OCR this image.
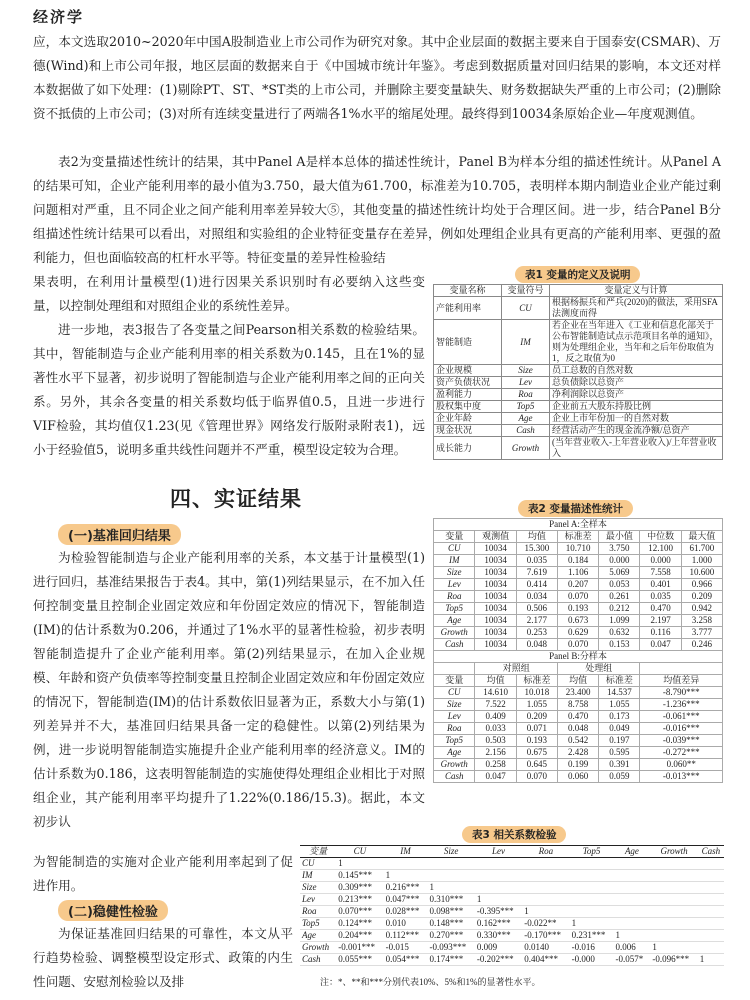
经济学

应，本文选取2010~2020年中国A股制造业上市公司作为研究对象。其中企业层面的数据主要来自于国泰安(CSMAR)、万德(Wind)和上市公司年报，地区层面的数据来自于《中国城市统计年鉴》。考虑到数据质量对回归结果的影响，本文还对样本数据做了如下处理：(1)剔除PT、ST、*ST类的上市公司，并删除主要变量缺失、财务数据缺失严重的上市公司；(2)删除资不抵债的上市公司；(3)对所有连续变量进行了两端各1%水平的缩尾处理。最终得到10034条原始企业—年度观测值。

表2为变量描述性统计的结果，其中Panel A是样本总体的描述性统计，Panel B为样本分组的描述性统计。从Panel A的结果可知，企业产能利用率的最小值为3.750，最大值为61.700，标准差为10.705，表明样本期内制造业企业产能过剩问题相对严重，且不同企业之间产能利用率差异较大⑤，其他变量的描述性统计均处于合理区间。进一步，结合Panel B分组描述性统计结果可以看出，对照组和实验组的企业特征变量存在差异，例如处理组企业具有更高的产能利用率、更强的盈利能力，但也面临较高的杠杆水平等。特征变量的差异性检验结

果表明，在利用计量模型(1)进行因果关系识别时有必要纳入这些变量，以控制处理组和对照组企业的系统性差异。

进一步地，表3报告了各变量之间Pearson相关系数的检验结果。其中，智能制造与企业产能利用率的相关系数为0.145，且在1%的显著性水平下显著，初步说明了智能制造与企业产能利用率之间的正向关系。另外，其余各变量的相关系数均低于临界值0.5，且进一步进行VIF检验，其均值仅1.23(见《管理世界》网络发行版附录附表1)，远小于经验值5，说明多重共线性问题并不严重，模型设定较为合理。

四、实证结果
(一)基准回归结果

为检验智能制造与企业产能利用率的关系，本文基于计量模型(1)进行回归，基准结果报告于表4。其中，第(1)列结果显示，在不加入任何控制变量且控制企业固定效应和年份固定效应的情况下，智能制造(IM)的估计系数为0.206，并通过了1%水平的显著性检验，初步表明智能制造提升了企业产能利用率。第(2)列结果显示，在加入企业规模、年龄和资产负债率等控制变量且控制企业固定效应和年份固定效应的情况下，智能制造(IM)的估计系数依旧显著为正，系数大小与第(1)列差异并不大，基准回归结果具备一定的稳健性。以第(2)列结果为例，进一步说明智能制造实施提升企业产能利用率的经济意义。IM的估计系数为0.186，这表明智能制造的实施使得处理组企业相比于对照组企业，其产能利用率平均提升了1.22%(0.186/15.3)。据此，本文初步认

为智能制造的实施对企业产能利用率起到了促进作用。

(二)稳健性检验

为保证基准回归结果的可靠性，本文从平行趋势检验、调整模型设定形式、政策的内生性问题、安慰剂检验以及排

表1 变量的定义及说明
变量名称	变量符号	变量定义与计算
产能利用率	CU	根据杨振兵和严兵(2020)的做法，采用SFA法测度而得
智能制造	IM	若企业在当年进入《工业和信息化部关于公布智能制造试点示范项目名单的通知》，则为处理组企业，当年和之后年份取值为1，反之取值为0
企业规模	Size	员工总数的自然对数
资产负债状况	Lev	总负债除以总资产
盈利能力	Roa	净利润除以总资产
股权集中度	Top5	企业前五大股东持股比例
企业年龄	Age	企业上市年份加一的自然对数
现金状况	Cash	经营活动产生的现金流净额/总资产
成长能力	Growth	(当年营业收入-上年营业收入)/上年营业收入
表2 变量描述性统计
Panel A:全样本						
变量	观测值	均值	标准差	最小值	中位数	最大值
CU	10034	15.300	10.710	3.750	12.100	61.700
IM	10034	0.035	0.184	0.000	0.000	1.000
Size	10034	7.619	1.106	5.069	7.558	10.600
Lev	10034	0.414	0.207	0.053	0.401	0.966
Roa	10034	0.034	0.070	0.261	0.035	0.209
Top5	10034	0.506	0.193	0.212	0.470	0.942
Age	10034	2.177	0.673	1.099	2.197	3.258
Growth	10034	0.253	0.629	0.632	0.116	3.777
Cash	10034	0.048	0.070	0.153	0.047	0.246
Panel B:分样本						
	对照组		处理组			
变量	均值	标准差	均值	标准差	均值差异	
CU	14.610	10.018	23.400	14.537	-8.790***	
Size	7.522	1.055	8.758	1.055	-1.236***	
Lev	0.409	0.209	0.470	0.173	-0.061***	
Roa	0.033	0.071	0.048	0.049	-0.016***	
Top5	0.503	0.193	0.542	0.197	-0.039***	
Age	2.156	0.675	2.428	0.595	-0.272***	
Growth	0.258	0.645	0.199	0.391	0.060**	
Cash	0.047	0.070	0.060	0.059	-0.013***	
表3 相关系数检验
变量	CU	IM	Size	Lev	Roa	Top5	Age	Growth	Cash
CU	1								
IM	0.145***	1							
Size	0.309***	0.216***	1						
Lev	0.213***	0.047***	0.310***	1					
Roa	0.070***	0.028***	0.098***	-0.395***	1				
Top5	0.124***	0.010	0.148***	0.162***	-0.022**	1			
Age	0.204***	0.112***	0.270***	0.330***	-0.170***	0.231***	1		
Growth	-0.001***	-0.015	-0.093***	0.009	0.0140	-0.016	0.006	1	
Cash	0.055***	0.054***	0.174***	-0.202***	0.404***	-0.000	-0.057*	-0.096***	1
注：*、**和***分别代表10%、5%和1%的显著性水平。
